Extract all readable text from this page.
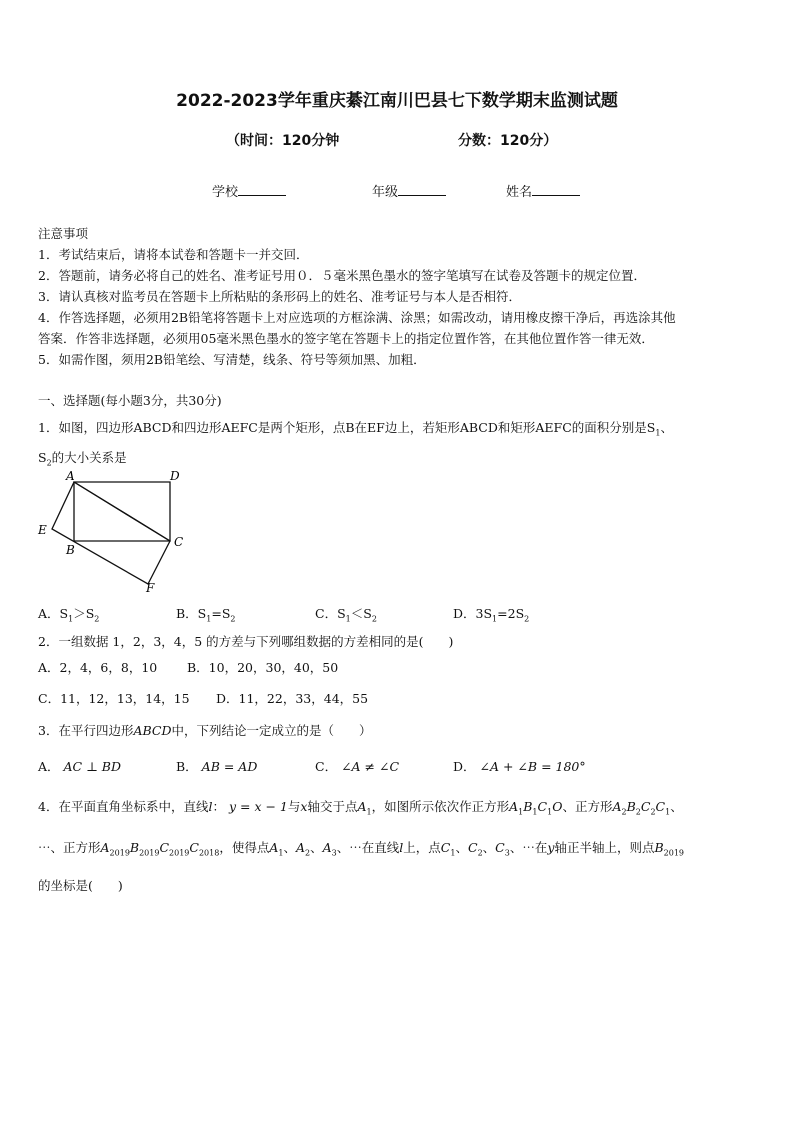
2022-2023学年重庆綦江南川巴县七下数学期末监测试题
（时间：120分钟	分数：120分）
学校	年级	姓名
注意事项
1．考试结束后，请将本试卷和答题卡一并交回．
2．答题前，请务必将自己的姓名、准考证号用０．５毫米黑色墨水的签字笔填写在试卷及答题卡的规定位置．
3．请认真核对监考员在答题卡上所粘贴的条形码上的姓名、准考证号与本人是否相符．
4．作答选择题，必须用2B铅笔将答题卡上对应选项的方框涂满、涂黑；如需改动，请用橡皮擦干净后，再选涂其他
答案．作答非选择题，必须用05毫米黑色墨水的签字笔在答题卡上的指定位置作答，在其他位置作答一律无效．
5．如需作图，须用2B铅笔绘、写清楚，线条、符号等须加黑、加粗．
一、选择题(每小题3分，共30分)
1．如图，四边形ABCD和四边形AEFC是两个矩形，点B在EF边上，若矩形ABCD和矩形AEFC的面积分别是$S_1$、
$S_2$的大小关系是
A	D
E
B
C
F
A．$S_1>S_2$	B．$S_1=S_2$	C．$S_1<S_2$	D．$3S_1=2S_2$
2．一组数据 1，2，3，4，5 的方差与下列哪组数据的方差相同的是(　　)
A．2，4，6，8，10 B．10，20，30，40，50
C．11，12，13，14，15 D．11，22，33，44，55
3．在平行四边形ABCD中，下列结论一定成立的是（　　）
A． AC ⊥ BD	B． AB = AD	C． ∠A ≠ ∠C	D． ∠A + ∠B = 180°
4．在平面直角坐标系中，直线l： y = x − 1与x轴交于点$A_1$，如图所示依次作正方形$A_1B_1C_1O$、正方形$A_2B_2C_2C_1$、
⋯、正方形$A_{2019}B_{2019}C_{2019}C_{2018}$，使得点$A_1$、$A_2$、$A_3$、⋯在直线l上，点$C_1$、$C_2$、$C_3$、⋯在y轴正半轴上，则点$B_{2019}$
的坐标是(　　)
